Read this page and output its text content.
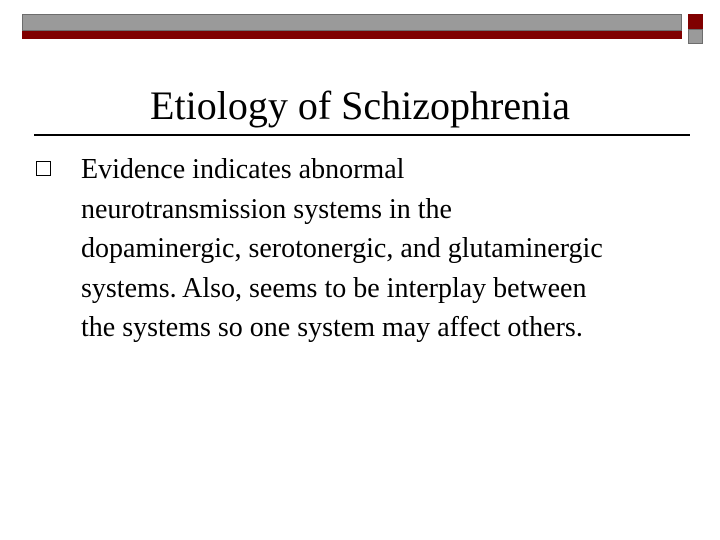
Etiology of Schizophrenia
Evidence indicates abnormal
neurotransmission systems in the
dopaminergic, serotonergic, and glutaminergic
systems. Also, seems to be interplay between
the systems so one system may affect others.
